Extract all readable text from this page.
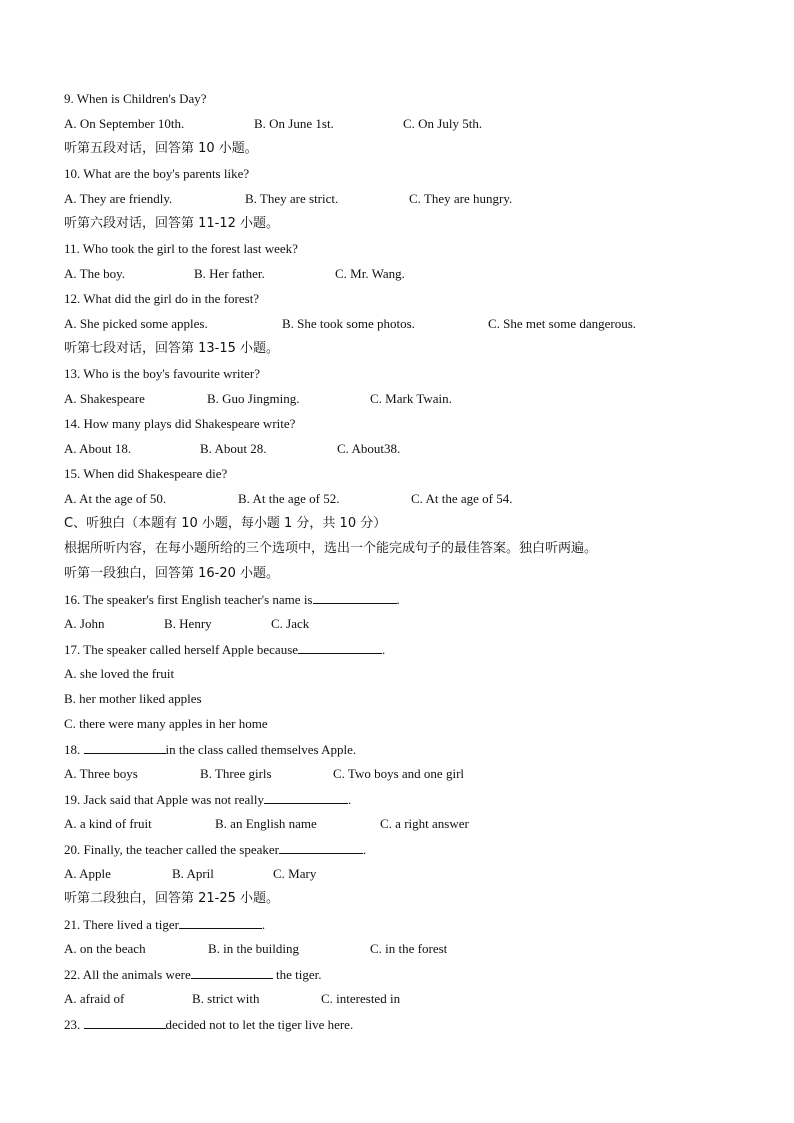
9. When is Children's Day?
A. On September 10th.	B. On June 1st.	C. On July 5th.
听第五段对话，回答第 10 小题。
10. What are the boy's parents like?
A. They are friendly.	B. They are strict.	C. They are hungry.
听第六段对话，回答第 11-12 小题。
11. Who took the girl to the forest last week?
A. The boy.	B. Her father.	C. Mr. Wang.
12. What did the girl do in the forest?
A. She picked some apples.	B. She took some photos.	C. She met some dangerous.
听第七段对话，回答第 13-15 小题。
13. Who is the boy's favourite writer?
A. Shakespeare	B. Guo Jingming.	C. Mark Twain.
14. How many plays did Shakespeare write?
A. About 18.	B. About 28.	C. About38.
15. When did Shakespeare die?
A. At the age of 50.	B. At the age of 52.	C. At the age of 54.
C、听独白（本题有 10 小题，每小题 1 分，共 10 分）
根据所听内容，在每小题所给的三个选项中，选出一个能完成句子的最佳答案。独白听两遍。
听第一段独白，回答第 16-20 小题。
16. The speaker's first English teacher's name is	.
A. John	B. Henry	C. Jack
17. The speaker called herself Apple because	.
A. she loved the fruit
B. her mother liked apples
C. there were many apples in her home
18.	in the class called themselves Apple.
A. Three boys	B. Three girls	C. Two boys and one girl
19. Jack said that Apple was not really	.
A. a kind of fruit	B. an English name	C. a right answer
20. Finally, the teacher called the speaker	.
A. Apple	B. April	C. Mary
听第二段独白，回答第 21-25 小题。
21. There lived a tiger	.
A. on the beach	B. in the building	C. in the forest
22. All the animals were	the tiger.
A. afraid of	B. strict with	C. interested in
23.	decided not to let the tiger live here.
